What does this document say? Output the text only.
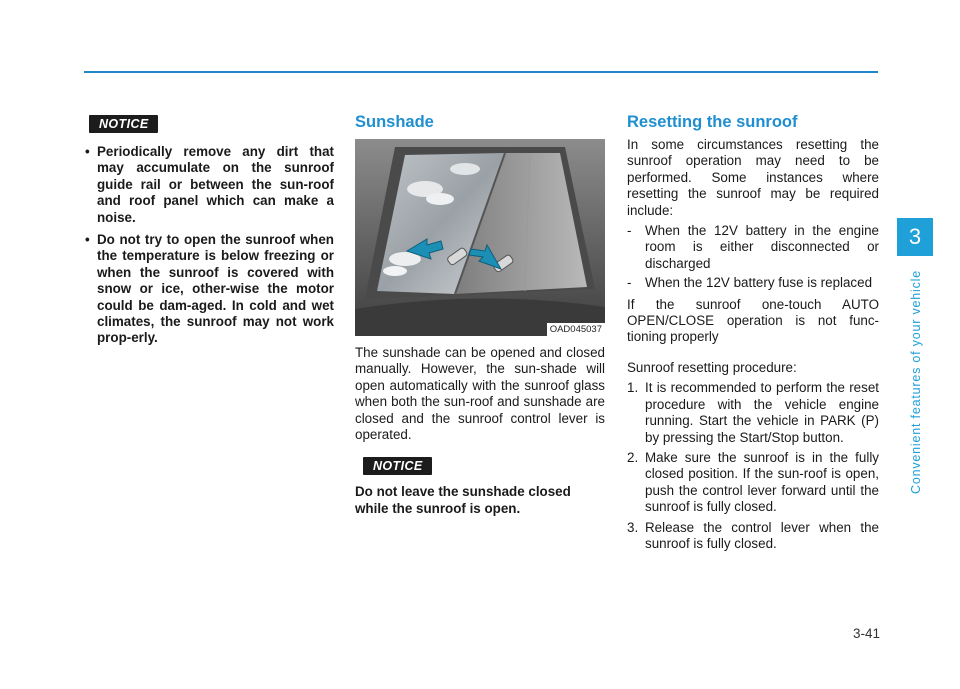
3
Convenient features of your vehicle
NOTICE
• Periodically remove any dirt that may accumulate on the sunroof guide rail or between the sun-roof and roof panel which can make a noise.
• Do not try to open the sunroof when the temperature is below freezing or when the sunroof is covered with snow or ice, other-wise the motor could be dam-aged. In cold and wet climates, the sunroof may not work prop-erly.
Sunshade
OAD045037

The sunshade can be opened and closed manually. However, the sun-shade will open automatically with the sunroof glass when both the sun-roof and sunshade are closed and the sunroof control lever is operated.

NOTICE

Do not leave the sunshade closed while the sunroof is open.

Resetting the sunroof

In some circumstances resetting the sunroof operation may need to be performed. Some instances where resetting the sunroof may be required include:

- When the 12V battery in the engine room is either disconnected or discharged
- When the 12V battery fuse is replaced

If the sunroof one-touch AUTO OPEN/CLOSE operation is not func-tioning properly

Sunroof resetting procedure:

1. It is recommended to perform the reset procedure with the vehicle engine running. Start the vehicle in PARK (P) by pressing the Start/Stop button.
2. Make sure the sunroof is in the fully closed position. If the sun-roof is open, push the control lever forward until the sunroof is fully closed.
3. Release the control lever when the sunroof is fully closed.
3-41
